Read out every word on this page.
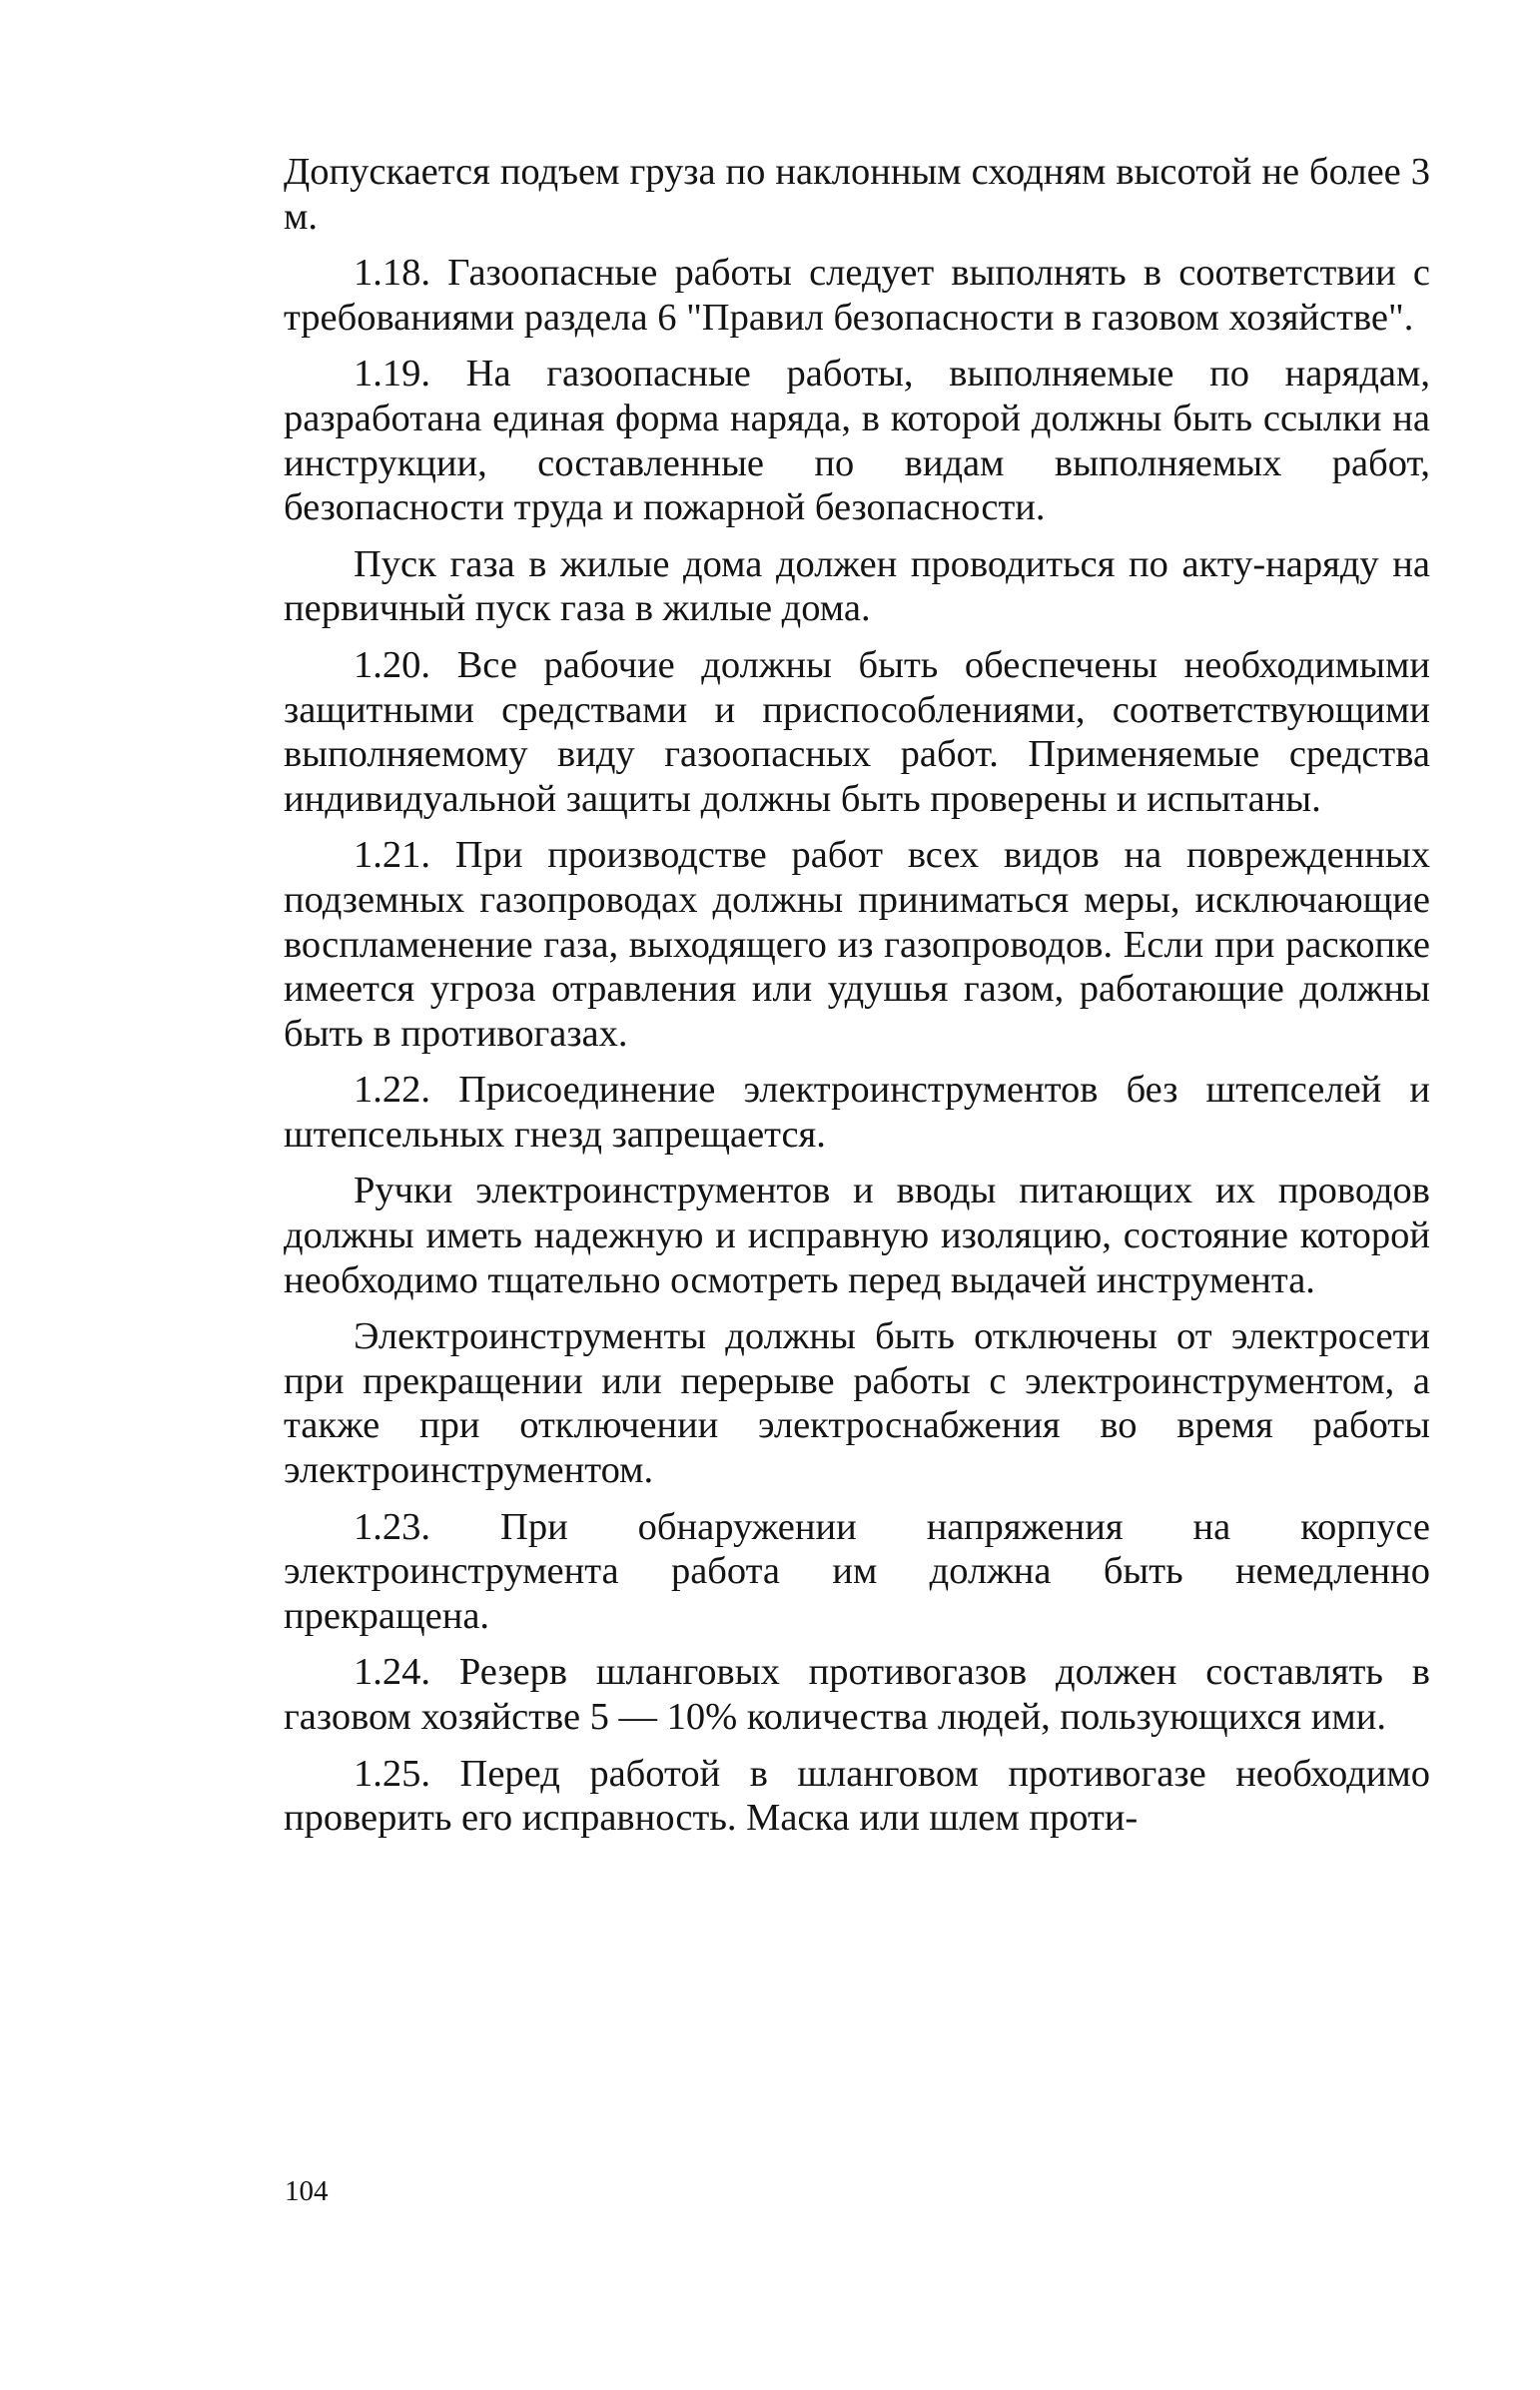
Допускается подъем груза по наклонным сходням высотой не более 3 м.

1.18. Газоопасные работы следует выполнять в соответствии с требованиями раздела 6 "Правил безопасности в газовом хозяйстве".

1.19. На газоопасные работы, выполняемые по нарядам, разработана единая форма наряда, в которой должны быть ссылки на инструкции, составленные по видам выполняемых работ, безопасности труда и пожарной безопасности.

Пуск газа в жилые дома должен проводиться по акту-наряду на первичный пуск газа в жилые дома.

1.20. Все рабочие должны быть обеспечены необходимыми защитными средствами и приспособлениями, соответствующими выполняемому виду газоопасных работ. Применяемые средства индивидуальной защиты должны быть проверены и испытаны.

1.21. При производстве работ всех видов на поврежденных подземных газопроводах должны приниматься меры, исключающие воспламенение газа, выходящего из газопроводов. Если при раскопке имеется угроза отравления или удушья газом, работающие должны быть в противогазах.

1.22. Присоединение электроинструментов без штепселей и штепсельных гнезд запрещается.

Ручки электроинструментов и вводы питающих их проводов должны иметь надежную и исправную изоляцию, состояние которой необходимо тщательно осмотреть перед выдачей инструмента.

Электроинструменты должны быть отключены от электросети при прекращении или перерыве работы с электроинструментом, а также при отключении электроснабжения во время работы электроинструментом.

1.23. При обнаружении напряжения на корпусе электроинструмента работа им должна быть немедленно прекращена.

1.24. Резерв шланговых противогазов должен составлять в газовом хозяйстве 5 — 10% количества людей, пользующихся ими.

1.25. Перед работой в шланговом противогазе необходимо проверить его исправность. Маска или шлем проти-

104
